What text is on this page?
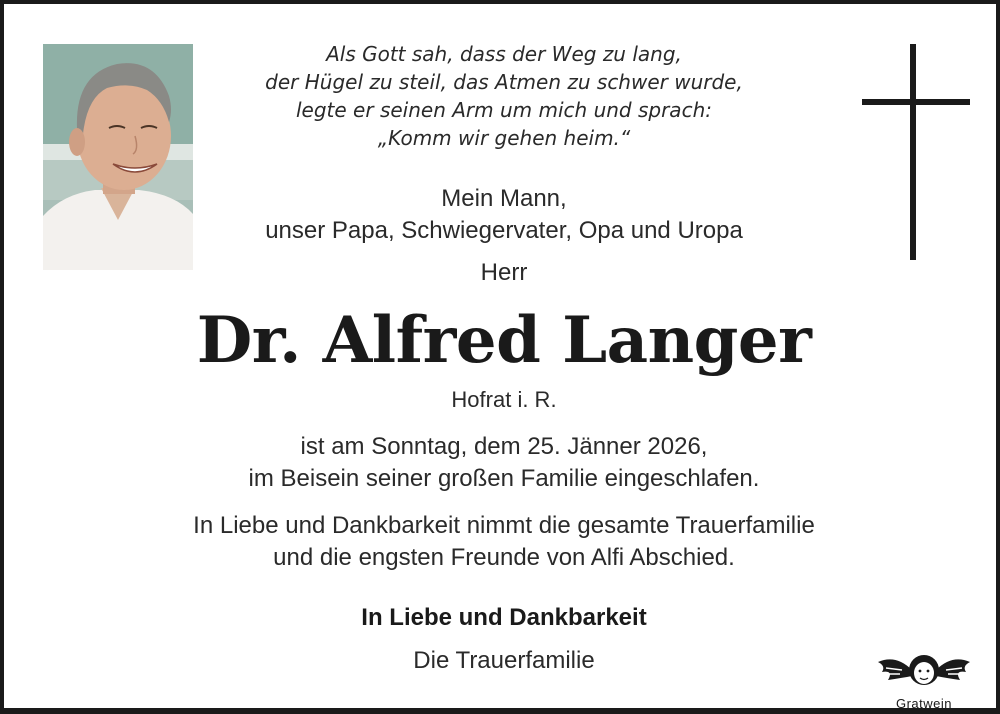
Als Gott sah, dass der Weg zu lang,
der Hügel zu steil, das Atmen zu schwer wurde,
legte er seinen Arm um mich und sprach:
„Komm wir gehen heim.“
Mein Mann,
unser Papa, Schwiegervater, Opa und Uropa
Herr
Dr. Alfred Langer
Hofrat i. R.
ist am Sonntag, dem 25. Jänner 2026,
im Beisein seiner großen Familie eingeschlafen.
In Liebe und Dankbarkeit nimmt die gesamte Trauerfamilie
und die engsten Freunde von Alfi Abschied.
In Liebe und Dankbarkeit
Die Trauerfamilie
Gratwein
